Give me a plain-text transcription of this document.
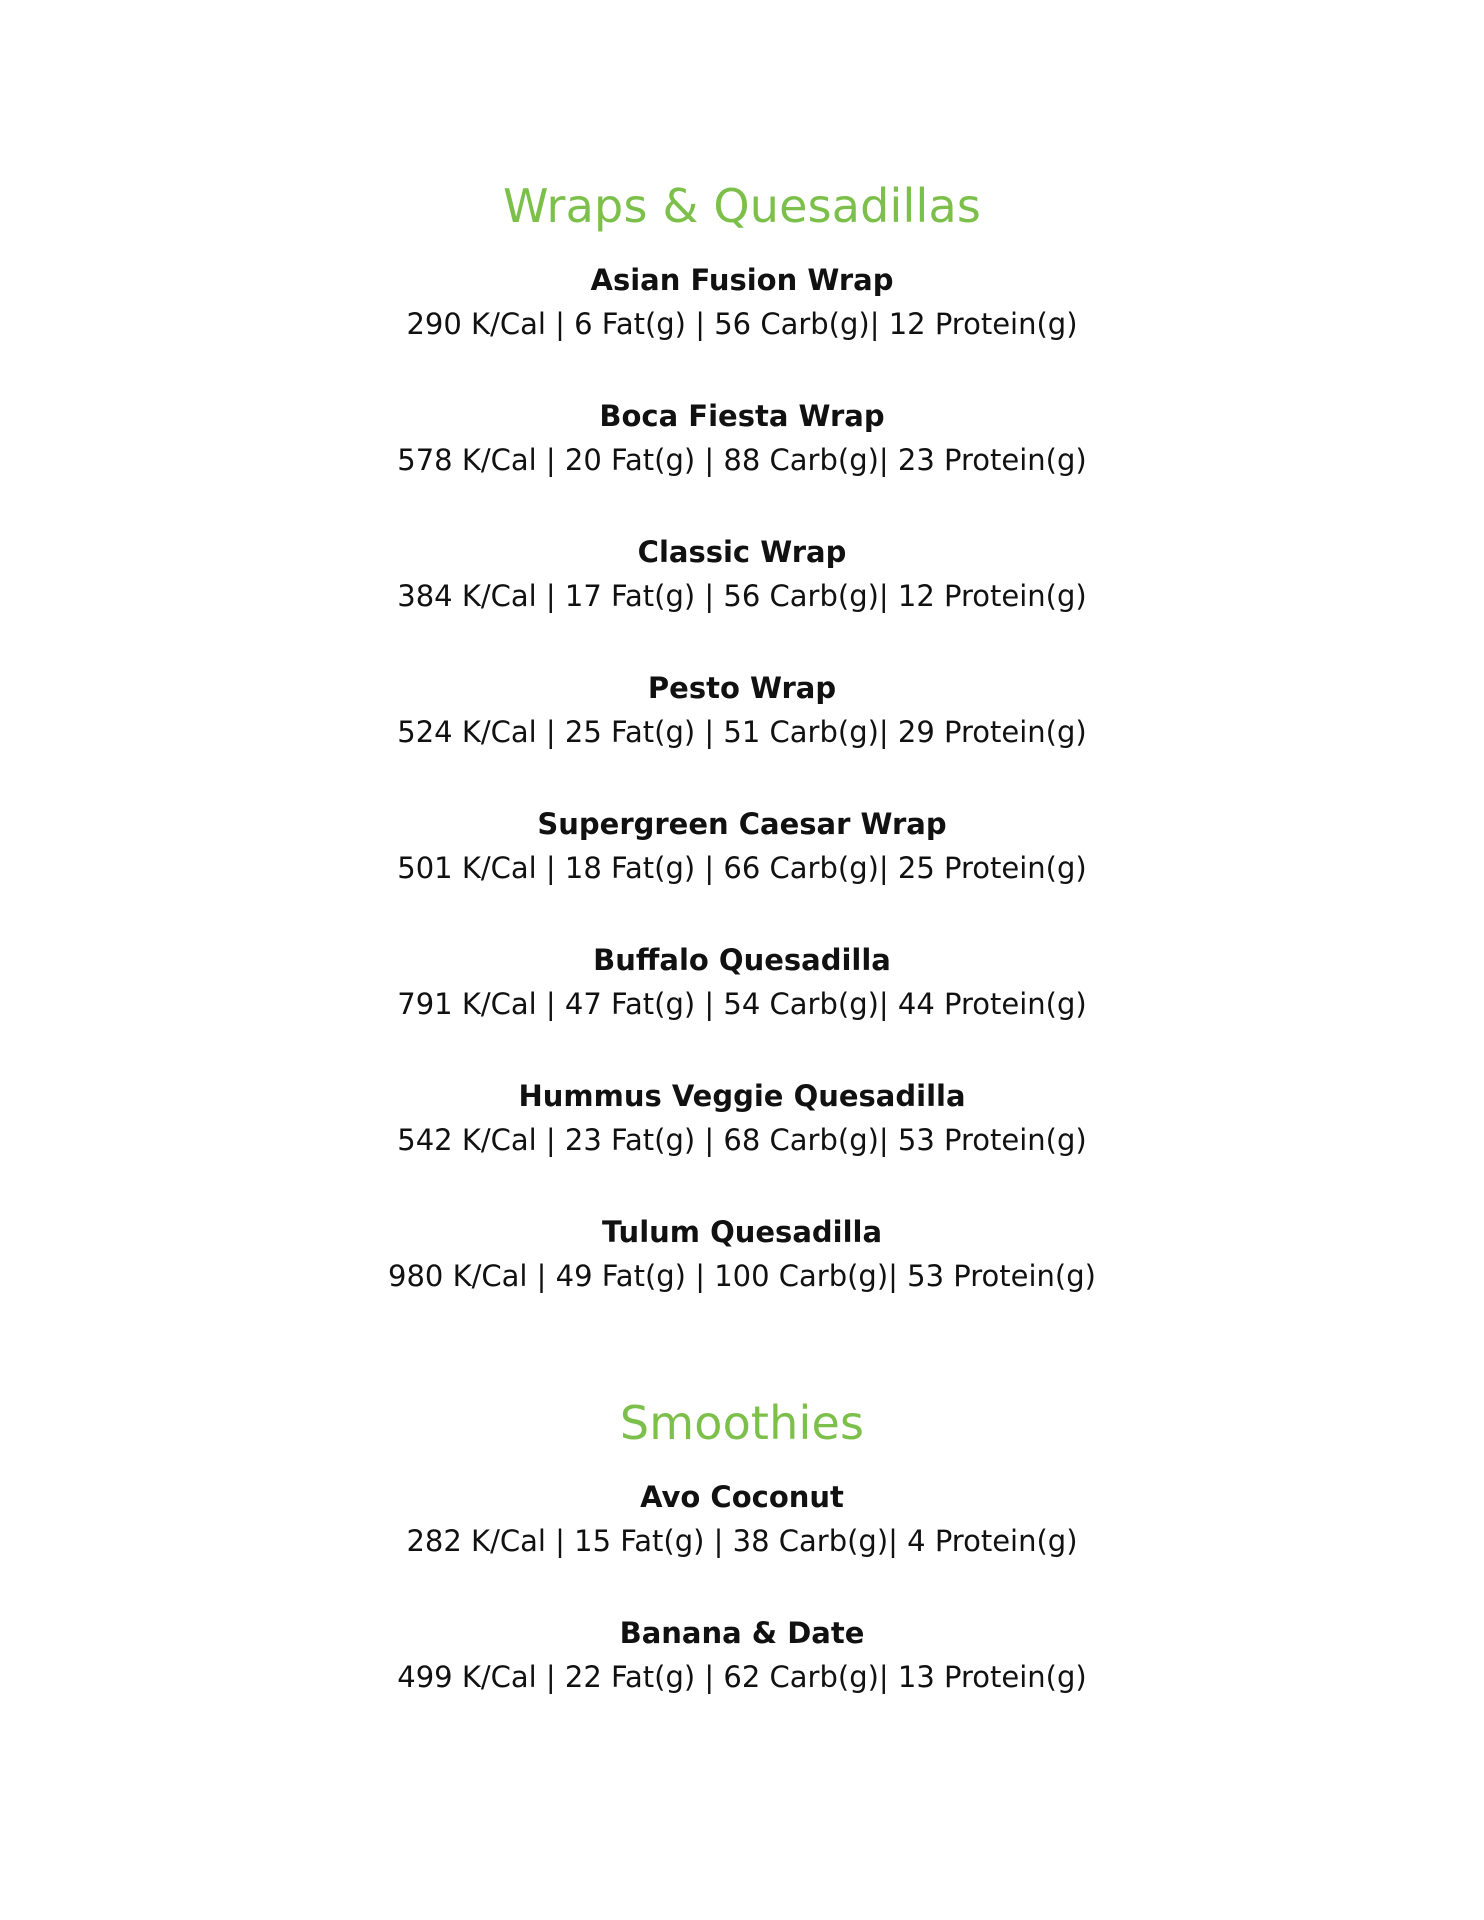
Wraps & Quesadillas
Asian Fusion Wrap
290 K/Cal | 6 Fat(g) | 56 Carb(g)| 12 Protein(g)
Boca Fiesta Wrap
578 K/Cal | 20 Fat(g) | 88 Carb(g)| 23 Protein(g)
Classic Wrap
384 K/Cal | 17 Fat(g) | 56 Carb(g)| 12 Protein(g)
Pesto Wrap
524 K/Cal | 25 Fat(g) | 51 Carb(g)| 29 Protein(g)
Supergreen Caesar Wrap
501 K/Cal | 18 Fat(g) | 66 Carb(g)| 25 Protein(g)
Buffalo Quesadilla
791 K/Cal | 47 Fat(g) | 54 Carb(g)| 44 Protein(g)
Hummus Veggie Quesadilla
542 K/Cal | 23 Fat(g) | 68 Carb(g)| 53 Protein(g)
Tulum Quesadilla
980 K/Cal | 49 Fat(g) | 100 Carb(g)| 53 Protein(g)
Smoothies
Avo Coconut
282 K/Cal | 15 Fat(g) | 38 Carb(g)| 4 Protein(g)
Banana & Date
499 K/Cal | 22 Fat(g) | 62 Carb(g)| 13 Protein(g)
